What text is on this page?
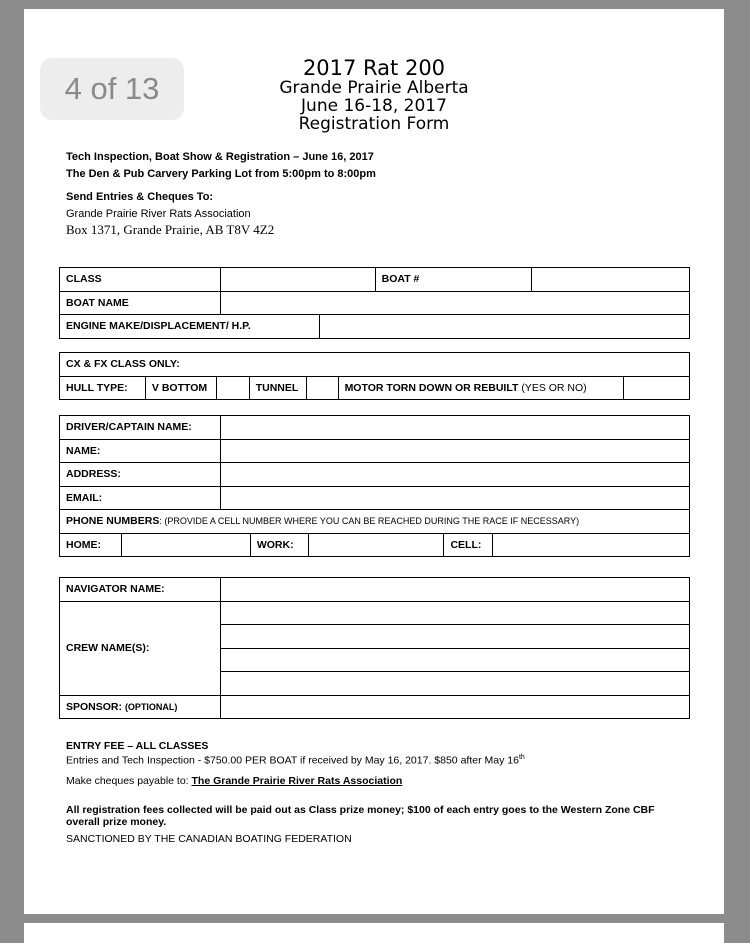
4 of 13
2017 Rat 200
Grande Prairie Alberta
June 16-18, 2017
Registration Form
Tech Inspection, Boat Show & Registration – June 16, 2017
The Den & Pub Carvery Parking Lot from 5:00pm to 8:00pm
Send Entries & Cheques To:
Grande Prairie River Rats Association
Box 1371, Grande Prairie, AB T8V 4Z2
CLASS			BOAT #	
BOAT NAME				
ENGINE MAKE/DISPLACEMENT/ H.P.				
CX & FX CLASS ONLY:
HULL TYPE:	V BOTTOM		TUNNEL		MOTOR TORN DOWN OR REBUILT (YES OR NO)	
DRIVER/CAPTAIN NAME:						
NAME:						
ADDRESS:						
EMAIL:						
PHONE NUMBERS: (PROVIDE A CELL NUMBER WHERE YOU CAN BE REACHED DURING THE RACE IF NECESSARY)						
HOME:			WORK:		CELL:	
NAVIGATOR NAME:	
CREW NAME(S):	

SPONSOR: (OPTIONAL)	
ENTRY FEE – ALL CLASSES
Entries and Tech Inspection - $750.00 PER BOAT if received by May 16, 2017. $850 after May 16th
Make cheques payable to: The Grande Prairie River Rats Association
All registration fees collected will be paid out as Class prize money; $100 of each entry goes to the Western Zone CBF overall prize money.
SANCTIONED BY THE CANADIAN BOATING FEDERATION
